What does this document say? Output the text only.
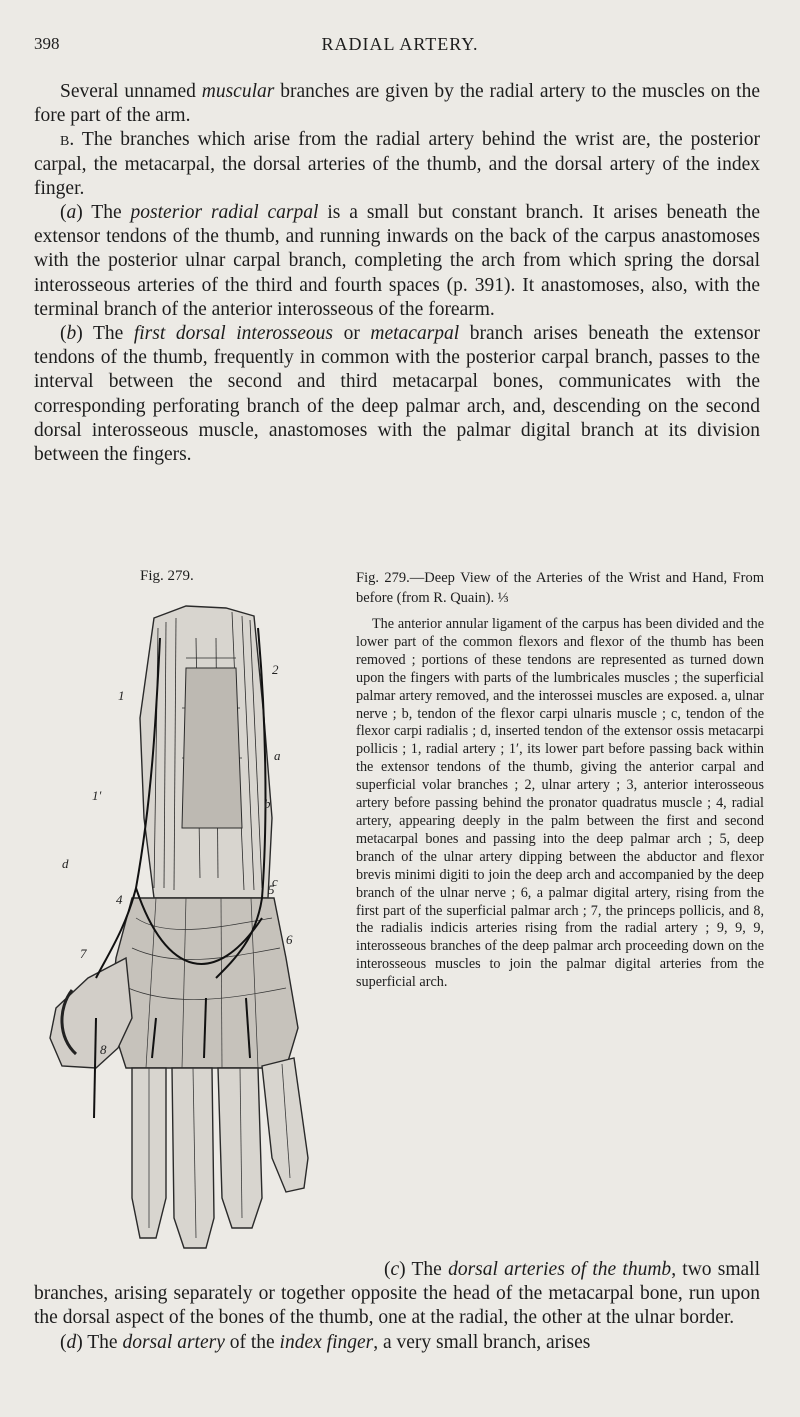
398	RADIAL ARTERY.

Several unnamed muscular branches are given by the radial artery to the muscles on the fore part of the arm.

b. The branches which arise from the radial artery behind the wrist are, the posterior carpal, the metacarpal, the dorsal arteries of the thumb, and the dorsal artery of the index finger.

(a) The posterior radial carpal is a small but constant branch. It arises beneath the extensor tendons of the thumb, and running inwards on the back of the carpus anastomoses with the posterior ulnar carpal branch, completing the arch from which spring the dorsal interosseous arteries of the third and fourth spaces (p. 391). It anastomoses, also, with the terminal branch of the anterior interosseous of the forearm.

(b) The first dorsal interosseous or metacarpal branch arises beneath the extensor tendons of the thumb, frequently in common with the posterior carpal branch, passes to the interval between the second and third metacarpal bones, communicates with the corresponding perforating branch of the deep palmar arch, and, descending on the second dorsal interosseous muscle, anastomoses with the palmar digital branch at its division between the fingers.

Fig. 279.
2
1
a
1′
b
c
d
4
5
6
7
8

Fig. 279.—Deep View of the Arteries of the Wrist and Hand, From before (from R. Quain). ⅓

The anterior annular ligament of the carpus has been divided and the lower part of the common flexors and flexor of the thumb has been removed ; portions of these tendons are represented as turned down upon the fingers with parts of the lumbricales muscles ; the superficial palmar artery removed, and the interossei muscles are exposed. a, ulnar nerve ; b, tendon of the flexor carpi ulnaris muscle ; c, tendon of the flexor carpi radialis ; d, inserted tendon of the extensor ossis metacarpi pollicis ; 1, radial artery ; 1′, its lower part before passing back within the extensor tendons of the thumb, giving the anterior carpal and superficial volar branches ; 2, ulnar artery ; 3, anterior interosseous artery before passing behind the pronator quadratus muscle ; 4, radial artery, appearing deeply in the palm between the first and second metacarpal bones and passing into the deep palmar arch ; 5, deep branch of the ulnar artery dipping between the abductor and flexor brevis minimi digiti to join the deep arch and accompanied by the deep branch of the ulnar nerve ; 6, a palmar digital artery, rising from the first part of the superficial palmar arch ; 7, the princeps pollicis, and 8, the radialis indicis arteries rising from the radial artery ; 9, 9, 9, interosseous branches of the deep palmar arch proceeding down on the interosseous muscles to join the palmar digital arteries from the superficial arch.

(c) The dorsal arteries of the thumb, two small branches, arising separately or together opposite the head of the metacarpal bone, run upon the dorsal aspect of the bones of the thumb, one at the radial, the other at the ulnar border.

(d) The dorsal artery of the index finger, a very small branch, arises
